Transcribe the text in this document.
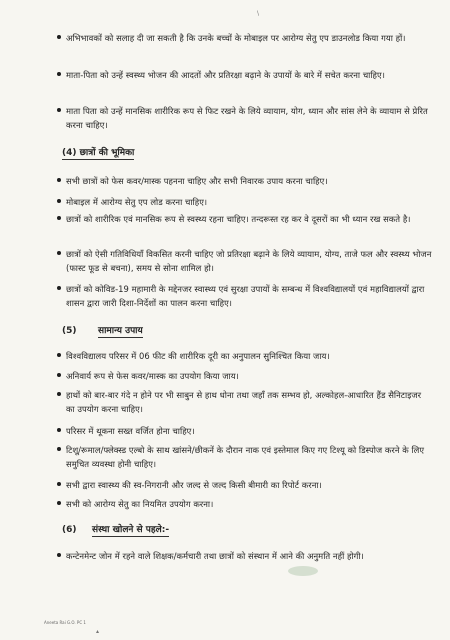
\
अभिभावकों को सलाह दी जा सकती है कि उनके बच्चों के मोबाइल पर आरोग्य सेतु एप डाउनलोड किया गया हों।
माता-पिता को उन्हें स्वस्थ्य भोजन की आदतों और प्रतिरक्षा बढ़ाने के उपायों के बारे में सचेत करना चाहिए।
माता पिता को उन्हें मानसिक शारीरिक रूप से फिट रखने के लिये व्यायाम, योग, ध्यान और सांस लेने के व्यायाम से प्रेरित करना चाहिए।
(4) छात्रों की भूमिका
सभी छात्रों को फेस कवर/मास्क पहनना चाहिए और सभी निवारक उपाय करना चाहिए।
मोबाइल में आरोग्य सेतु एप लोड करना चाहिए।
छात्रों को शारीरिक एवं मानसिक रूप से स्वस्थ्य रहना चाहिए। तन्दरूस्त रह कर वे दूसरों का भी ध्यान रख सकते है।
छात्रों को ऐसी गतिविधियाँ विकसित करनी चाहिए जो प्रतिरक्षा बढ़ाने के लिये व्यायाम, योग्य, ताजे फल और स्वस्थ्य भोजन (फास्ट फूड से बचना), समय से सोना शामिल हो।
छात्रों को कोविड-19 महामारी के मद्देनजर स्वास्थ्य एवं सुरक्षा उपायों के सम्बन्ध में विश्वविद्यालयों एवं महाविद्यालयों द्वारा शासन द्वारा जारी दिशा-निर्देशों का पालन करना चाहिए।
(5) सामान्य उपाय
विश्वविद्यालय परिसर में 06 फीट की शारीरिक दूरी का अनुपालन सुनिश्चित किया जाय।
अनिवार्य रूप से फेस कवर/मास्क का उपयोग किया जाय।
हाथों को बार-बार गंदे न होने पर भी साबुन से हाथ धोना तथा जहाँ तक सम्भव हो, अल्कोहल-आधारित हैंड सैनिटाइजर का उपयोग करना चाहिए।
परिसर में थूकना सख्त वर्जित होना चाहिए।
टिशू/रूमाल/फ्लेक्स्ड एल्बो के साथ खांसने/छीकनें के दौरान नाक एवं इस्तेमाल किए गए टिश्यू को डिस्पोज करने के लिए समुचित व्यवस्था होनी चाहिए।
सभी द्वारा स्वास्थ्य की स्व-निगरानी और जल्द से जल्द किसी बीमारी का रिपोर्ट करना।
सभी को आरोग्य सेतु का नियमित उपयोग करना।
(6) संस्था खोलने से पहले:-
कन्टेनमेन्ट जोन में रहने वाले शिक्षक/कर्मचारी तथा छात्रों को संस्थान में आने की अनुमति नहीं होगी।
Aneeta Rai G.O. PC 1
▴
